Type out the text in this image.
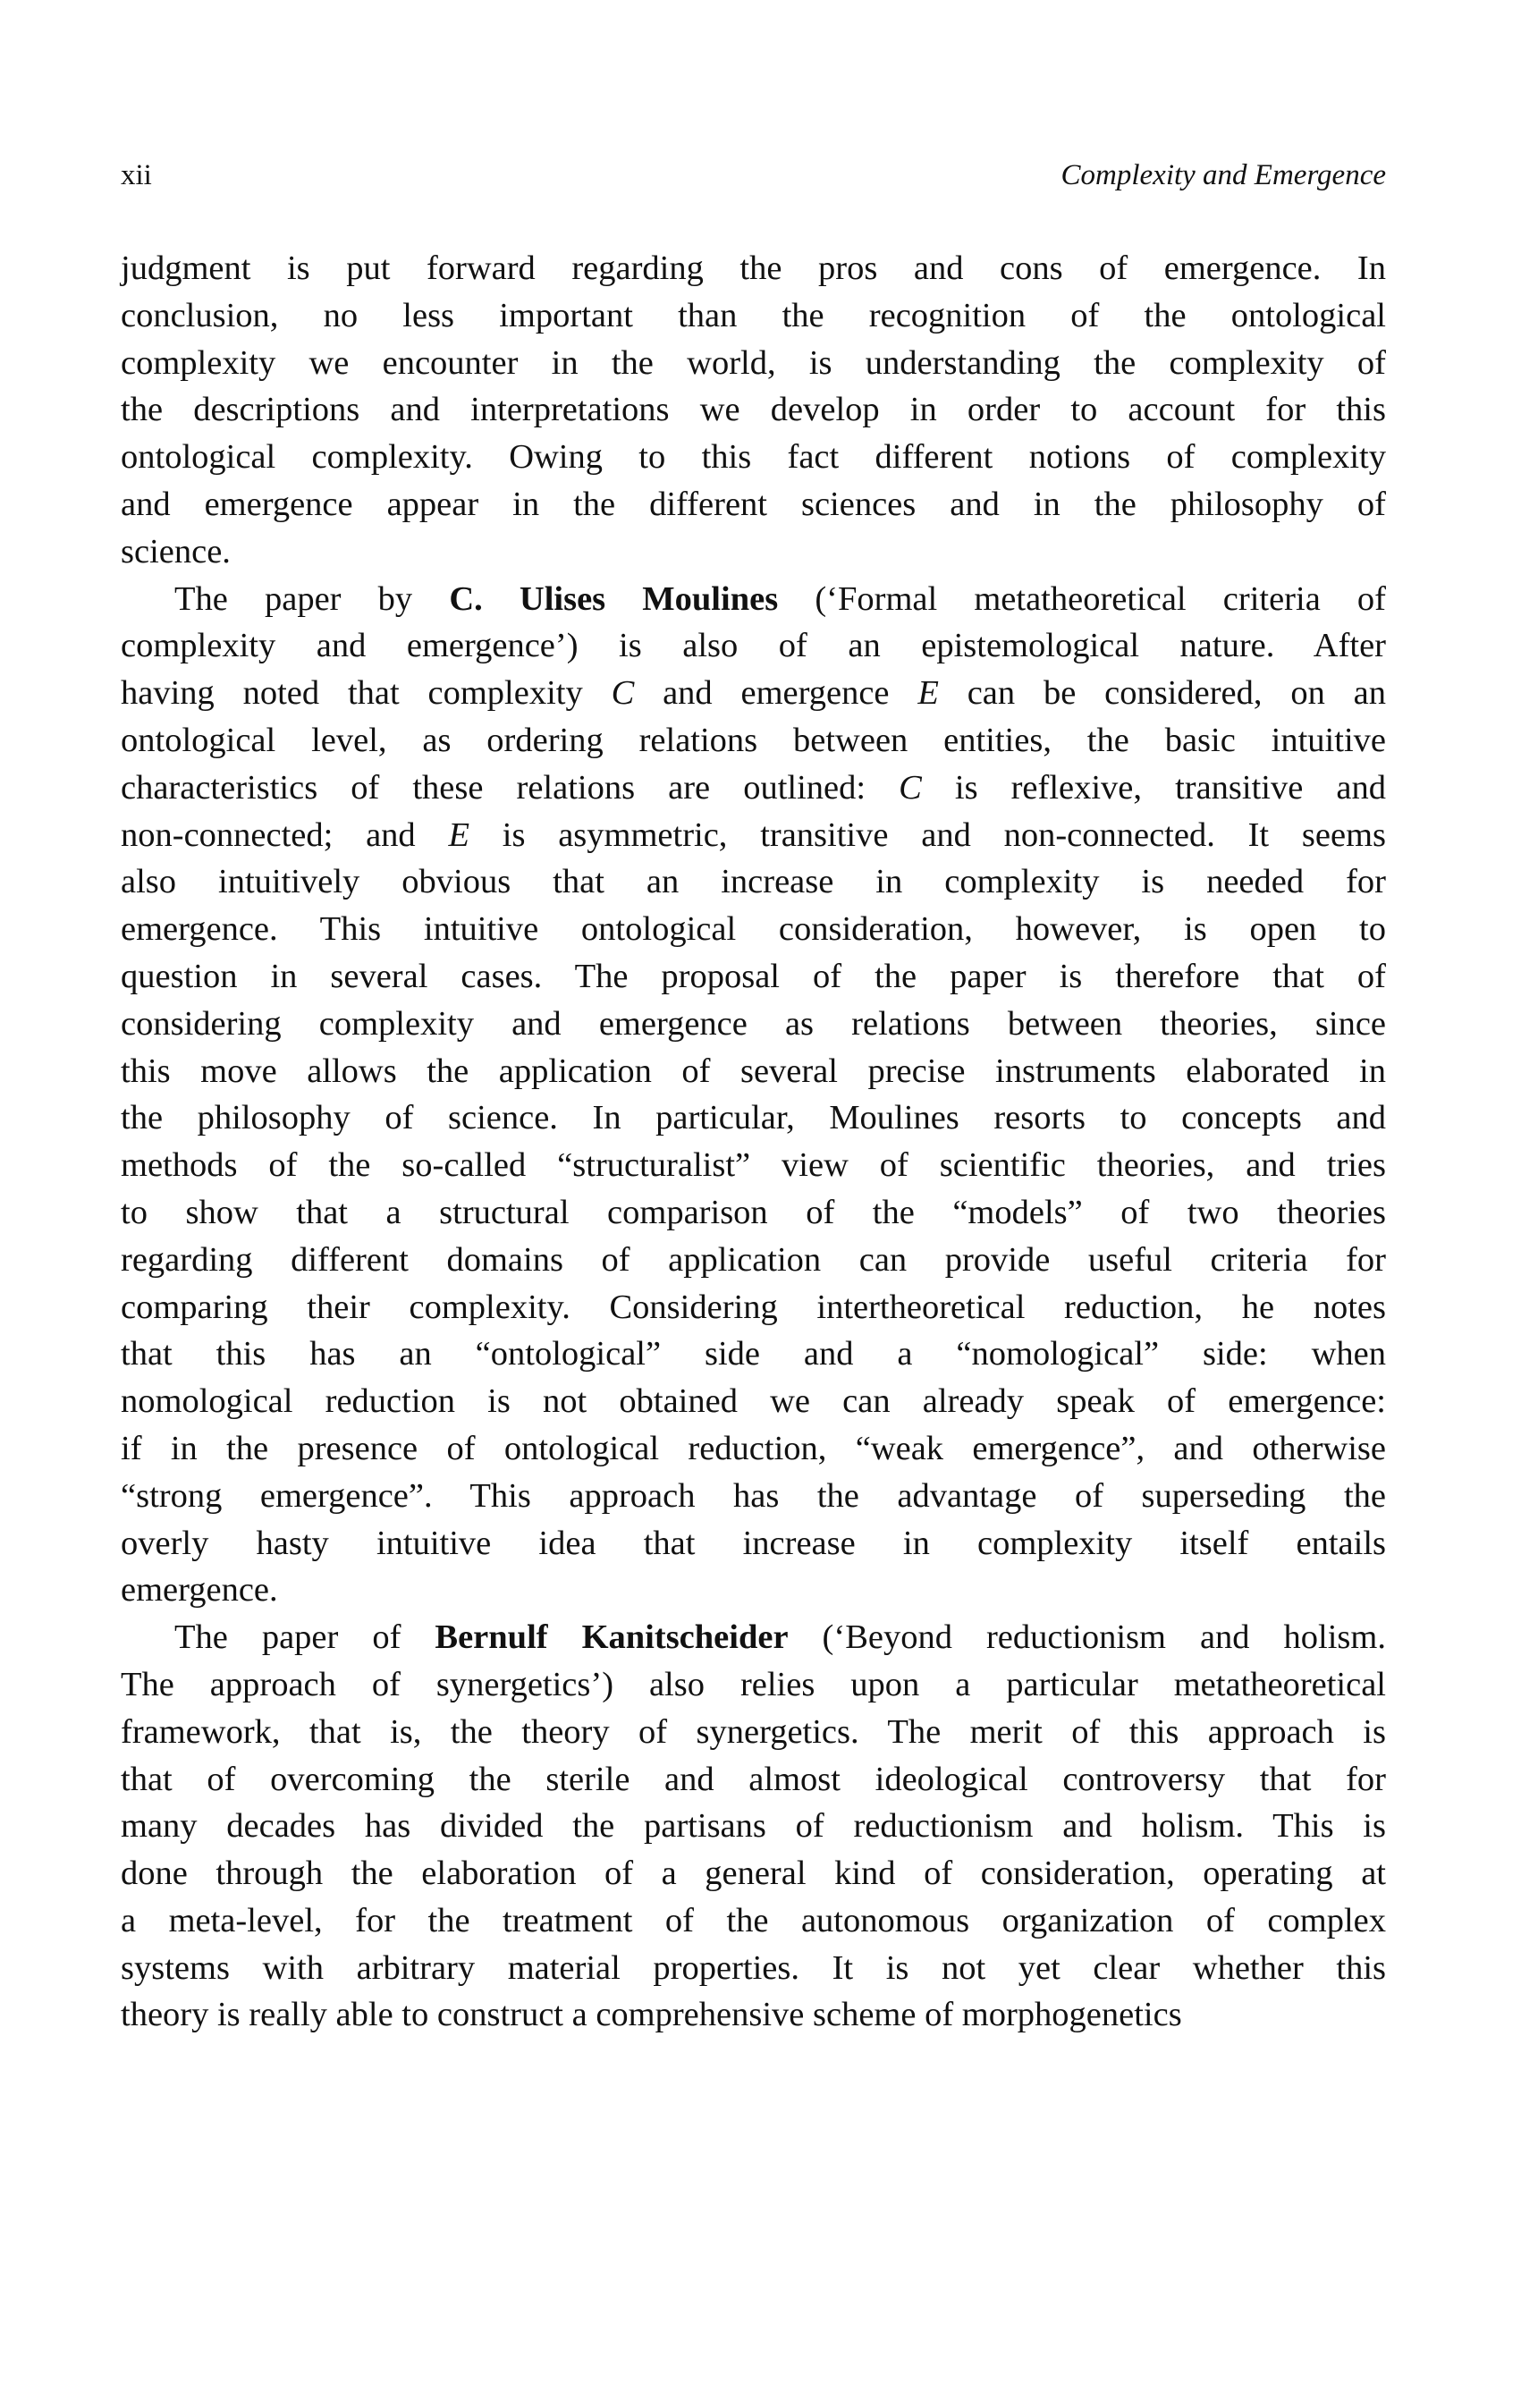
xii	Complexity and Emergence
judgment is put forward regarding the pros and cons of emergence. In
conclusion, no less important than the recognition of the ontological
complexity we encounter in the world, is understanding the complexity of
the descriptions and interpretations we develop in order to account for this
ontological complexity. Owing to this fact different notions of complexity
and emergence appear in the different sciences and in the philosophy of
science.
The paper by C. Ulises Moulines (‘Formal metatheoretical criteria of
complexity and emergence’) is also of an epistemological nature. After
having noted that complexity C and emergence E can be considered, on an
ontological level, as ordering relations between entities, the basic intuitive
characteristics of these relations are outlined: C is reflexive, transitive and
non-connected; and E is asymmetric, transitive and non-connected. It seems
also intuitively obvious that an increase in complexity is needed for
emergence. This intuitive ontological consideration, however, is open to
question in several cases. The proposal of the paper is therefore that of
considering complexity and emergence as relations between theories, since
this move allows the application of several precise instruments elaborated in
the philosophy of science. In particular, Moulines resorts to concepts and
methods of the so-called “structuralist” view of scientific theories, and tries
to show that a structural comparison of the “models” of two theories
regarding different domains of application can provide useful criteria for
comparing their complexity. Considering intertheoretical reduction, he notes
that this has an “ontological” side and a “nomological” side: when
nomological reduction is not obtained we can already speak of emergence:
if in the presence of ontological reduction, “weak emergence”, and otherwise
“strong emergence”. This approach has the advantage of superseding the
overly hasty intuitive idea that increase in complexity itself entails
emergence.
The paper of Bernulf Kanitscheider (‘Beyond reductionism and holism.
The approach of synergetics’) also relies upon a particular metatheoretical
framework, that is, the theory of synergetics. The merit of this approach is
that of overcoming the sterile and almost ideological controversy that for
many decades has divided the partisans of reductionism and holism. This is
done through the elaboration of a general kind of consideration, operating at
a meta-level, for the treatment of the autonomous organization of complex
systems with arbitrary material properties. It is not yet clear whether this
theory is really able to construct a comprehensive scheme of morphogenetics
